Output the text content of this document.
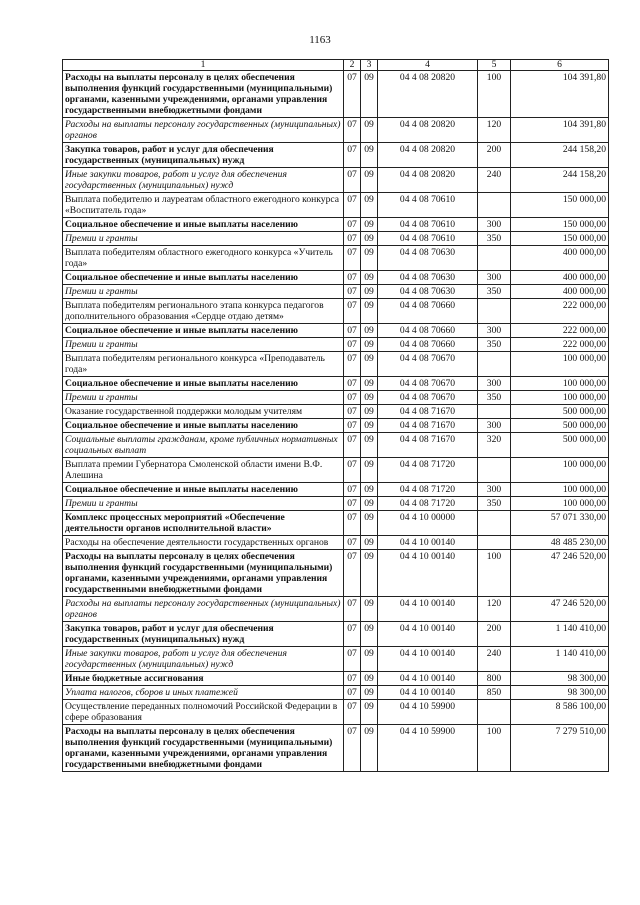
1163
1	2	3	4	5	6
Расходы на выплаты персоналу в целях обеспечения выполнения функций государственными (муниципальными) органами, казенными учреждениями, органами управления государственными внебюджетными фондами	07	09	04 4 08 20820	100	104 391,80
Расходы на выплаты персоналу государственных (муниципальных) органов	07	09	04 4 08 20820	120	104 391,80
Закупка товаров, работ и услуг для обеспечения государственных (муниципальных) нужд	07	09	04 4 08 20820	200	244 158,20
Иные закупки товаров, работ и услуг для обеспечения государственных (муниципальных) нужд	07	09	04 4 08 20820	240	244 158,20
Выплата победителю и лауреатам областного ежегодного конкурса «Воспитатель года»	07	09	04 4 08 70610		150 000,00
Социальное обеспечение и иные выплаты населению	07	09	04 4 08 70610	300	150 000,00
Премии и гранты	07	09	04 4 08 70610	350	150 000,00
Выплата победителям областного ежегодного конкурса «Учитель года»	07	09	04 4 08 70630		400 000,00
Социальное обеспечение и иные выплаты населению	07	09	04 4 08 70630	300	400 000,00
Премии и гранты	07	09	04 4 08 70630	350	400 000,00
Выплата победителям регионального этапа конкурса педагогов дополнительного образования «Сердце отдаю детям»	07	09	04 4 08 70660		222 000,00
Социальное обеспечение и иные выплаты населению	07	09	04 4 08 70660	300	222 000,00
Премии и гранты	07	09	04 4 08 70660	350	222 000,00
Выплата победителям регионального конкурса «Преподаватель года»	07	09	04 4 08 70670		100 000,00
Социальное обеспечение и иные выплаты населению	07	09	04 4 08 70670	300	100 000,00
Премии и гранты	07	09	04 4 08 70670	350	100 000,00
Оказание государственной поддержки молодым учителям	07	09	04 4 08 71670		500 000,00
Социальное обеспечение и иные выплаты населению	07	09	04 4 08 71670	300	500 000,00
Социальные выплаты гражданам, кроме публичных нормативных социальных выплат	07	09	04 4 08 71670	320	500 000,00
Выплата премии Губернатора Смоленской области имени В.Ф. Алешина	07	09	04 4 08 71720		100 000,00
Социальное обеспечение и иные выплаты населению	07	09	04 4 08 71720	300	100 000,00
Премии и гранты	07	09	04 4 08 71720	350	100 000,00
Комплекс процессных мероприятий «Обеспечение деятельности органов исполнительной власти»	07	09	04 4 10 00000		57 071 330,00
Расходы на обеспечение деятельности государственных органов	07	09	04 4 10 00140		48 485 230,00
Расходы на выплаты персоналу в целях обеспечения выполнения функций государственными (муниципальными) органами, казенными учреждениями, органами управления государственными внебюджетными фондами	07	09	04 4 10 00140	100	47 246 520,00
Расходы на выплаты персоналу государственных (муниципальных) органов	07	09	04 4 10 00140	120	47 246 520,00
Закупка товаров, работ и услуг для обеспечения государственных (муниципальных) нужд	07	09	04 4 10 00140	200	1 140 410,00
Иные закупки товаров, работ и услуг для обеспечения государственных (муниципальных) нужд	07	09	04 4 10 00140	240	1 140 410,00
Иные бюджетные ассигнования	07	09	04 4 10 00140	800	98 300,00
Уплата налогов, сборов и иных платежей	07	09	04 4 10 00140	850	98 300,00
Осуществление переданных полномочий Российской Федерации в сфере образования	07	09	04 4 10 59900		8 586 100,00
Расходы на выплаты персоналу в целях обеспечения выполнения функций государственными (муниципальными) органами, казенными учреждениями, органами управления государственными внебюджетными фондами	07	09	04 4 10 59900	100	7 279 510,00
